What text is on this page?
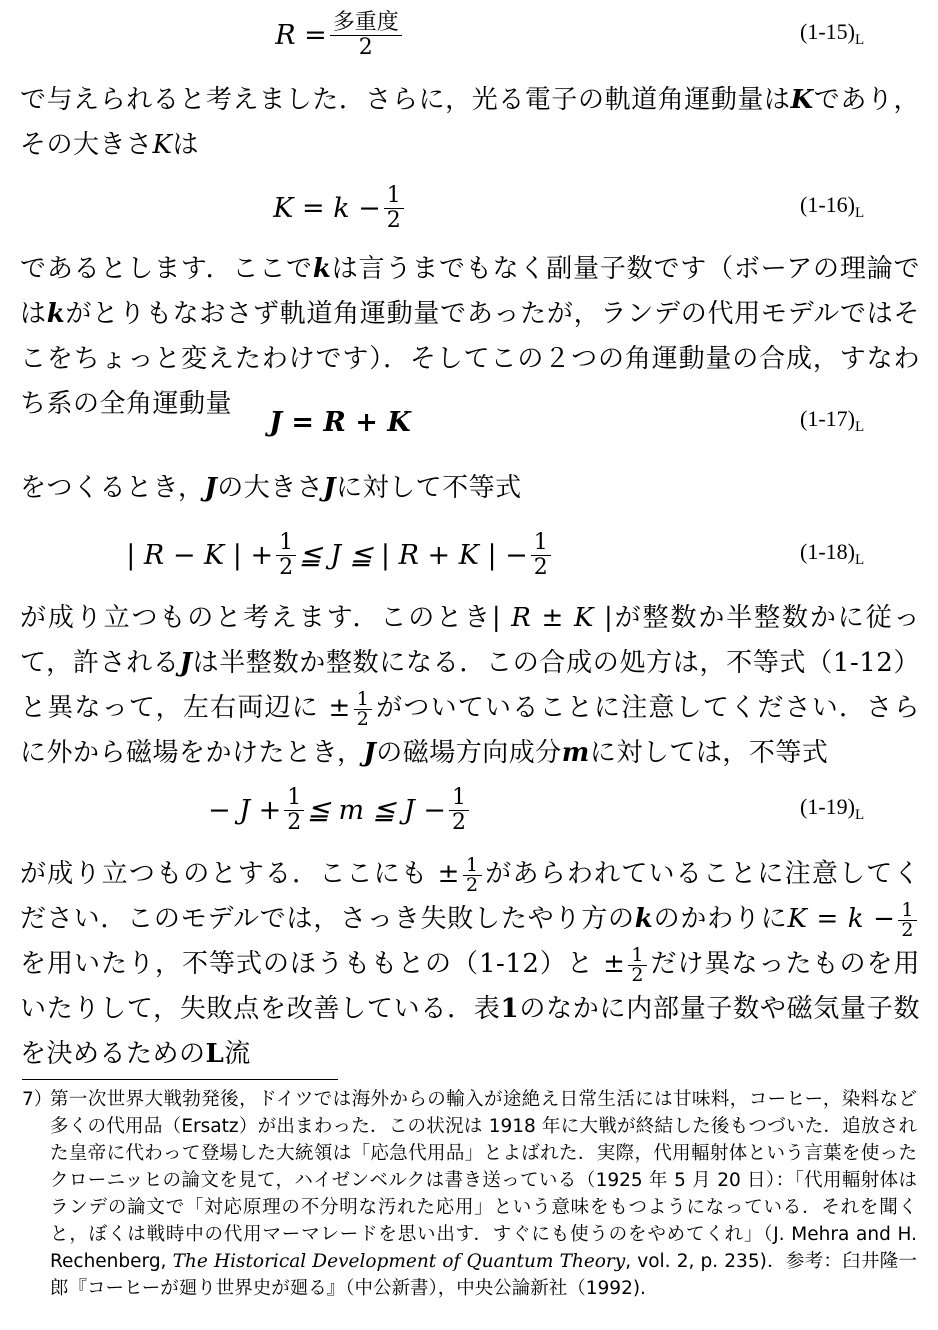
$R = \frac{\text{多重度}}{2}$	$(1-15)_L$

で与えられると考えました．さらに，光る電子の軌道角運動量はKであり，その大きさKは

$K = k - \frac{1}{2}$	$(1-16)_L$

であるとします．ここでkは言うまでもなく副量子数です（ボーアの理論ではkがとりもなおさず軌道角運動量であったが，ランデの代用モデルではそこをちょっと変えたわけです）．そしてこの２つの角運動量の合成，すなわち系の全角運動量

J = R + K	$(1-17)_L$

をつくるとき，Jの大きさJに対して不等式

| R − K | + $\frac{1}{2}$ ≦ J ≦ | R + K | − $\frac{1}{2}$	$(1-18)_L$

が成り立つものと考えます．このとき| R ± K |が整数か半整数かに従って，許されるJは半整数か整数になる．この合成の処方は，不等式（1-12）と異なって，左右両辺に ± $\frac{1}{2}$ がついていることに注意してください．さらに外から磁場をかけたとき，Jの磁場方向成分mに対しては，不等式

− $J + \frac{1}{2}$ ≦ m ≦ $J - \frac{1}{2}$	$(1-19)_L$

が成り立つものとする．ここにも ± $\frac{1}{2}$ があらわれていることに注意してください．このモデルでは，さっき失敗したやり方のkのかわりに$K = k - \frac{1}{2}$
を用いたり，不等式のほうももとの（1-12）と ± $\frac{1}{2}$ だけ異なったものを用いたりして，失敗点を改善している．表1のなかに内部量子数や磁気量子数を決めるためのL流

7）
第一次世界大戦勃発後，ドイツでは海外からの輸入が途絶え日常生活には甘味料，コーヒー，染料など多くの代用品（Ersatz）が出まわった．この状況は 1918 年に大戦が終結した後もつづいた．追放された皇帝に代わって登場した大統領は「応急代用品」とよばれた．実際，代用輻射体という言葉を使ったクローニッヒの論文を見て，ハイゼンベルクは書き送っている（1925 年 5 月 20 日）：「代用輻射体はランデの論文で「対応原理の不分明な汚れた応用」という意味をもつようになっている．それを聞くと，ぼくは戦時中の代用マーマレードを思い出す．すぐにも使うのをやめてくれ」（J. Mehra and H. Rechenberg, The Historical Development of Quantum Theory, vol. 2, p. 235)．参考：臼井隆一郎『コーヒーが廻り世界史が廻る』（中公新書），中央公論新社（1992).
